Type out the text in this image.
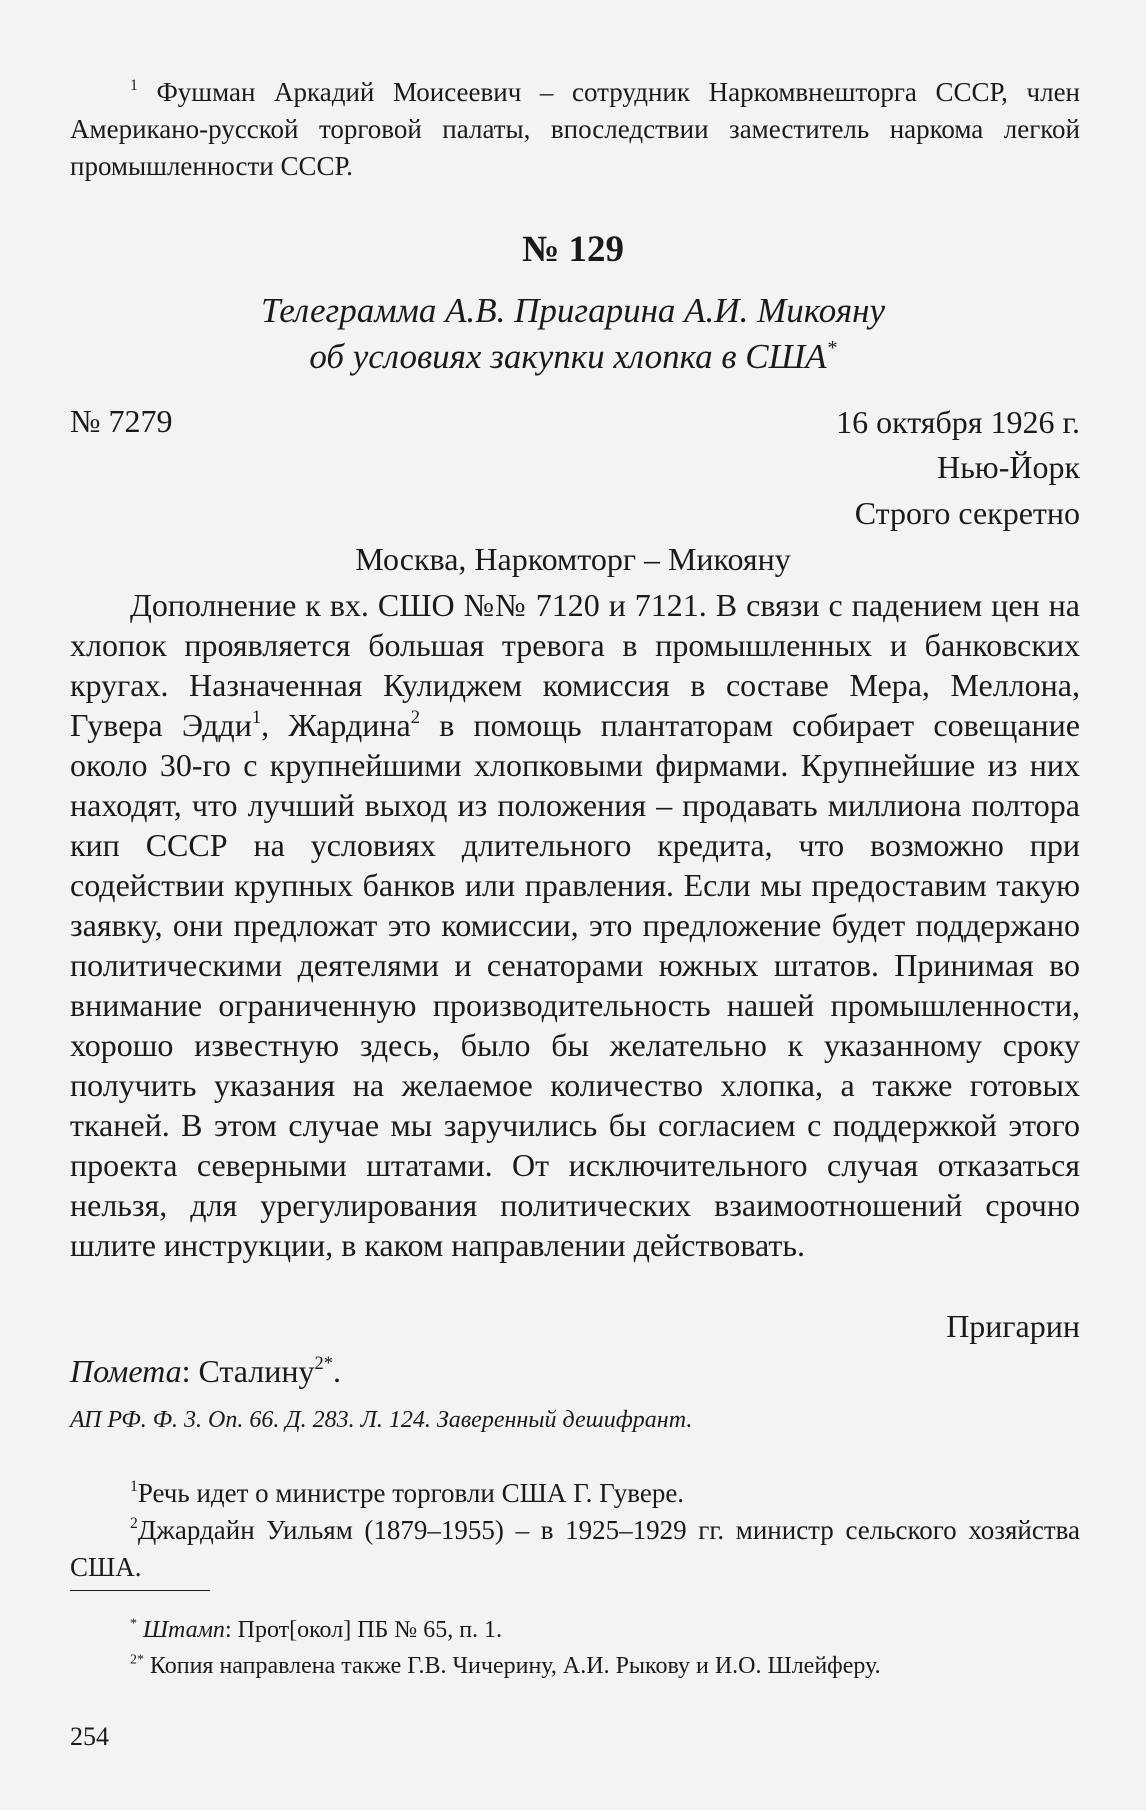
$^1$ Фушман Аркадий Моисеевич – сотрудник Наркомвнешторга СССР, член Американо-русской торговой палаты, впоследствии заместитель наркома легкой промышленности СССР.
№ 129
Телеграмма А.В. Пригарина А.И. Микояну
об условиях закупки хлопка в США*
№ 7279	16 октября 1926 г.
Нью-Йорк
Строго секретно
Москва, Наркомторг – Микояну
Дополнение к вх. СШО №№ 7120 и 7121. В связи с падением цен на хлопок проявляется большая тревога в промышленных и банковских кругах. Назначенная Кулиджем комиссия в составе Мера, Меллона, Гувера Эдди$^1$, Жардина$^2$ в помощь плантаторам собирает совещание около 30-го с крупнейшими хлопковыми фирмами. Крупнейшие из них находят, что лучший выход из положения – продавать миллиона полтора кип СССР на условиях длительного кредита, что возможно при содействии крупных банков или правления. Если мы предоставим такую заявку, они предложат это комиссии, это предложение будет поддержано политическими деятелями и сенаторами южных штатов. Принимая во внимание ограниченную производительность нашей промышленности, хорошо известную здесь, было бы желательно к указанному сроку получить указания на желаемое количество хлопка, а также готовых тканей. В этом случае мы заручились бы согласием с поддержкой этого проекта северными штатами. От исключительного случая отказаться нельзя, для урегулирования политических взаимоотношений срочно шлите инструкции, в каком направлении действовать.
Пригарин
Помета: Сталину$^{2*}$.
АП РФ. Ф. 3. Оп. 66. Д. 283. Л. 124. Заверенный дешифрант.

$^1$Речь идет о министре торговли США Г. Гувере.

$^2$Джардайн Уильям (1879–1955) – в 1925–1929 гг. министр сельского хозяйства США.

* Штамп: Прот[окол] ПБ № 65, п. 1.

$^{2*}$ Копия направлена также Г.В. Чичерину, А.И. Рыкову и И.О. Шлейферу.

254
